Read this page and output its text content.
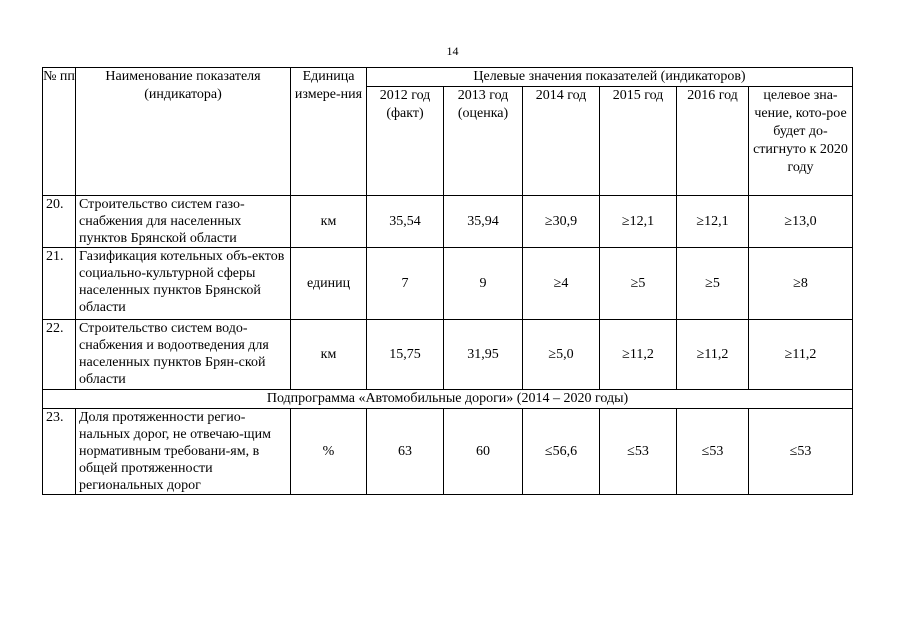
14
№ пп	Наименование показателя (индикатора)	Единица измере-ния	Целевые значения показателей (индикаторов)					
			2012 год (факт)	2013 год (оценка)	2014 год	2015 год	2016 год	целевое зна-чение, кото-рое будет до-стигнуто к 2020 году
20.	Строительство систем газо-снабжения для населенных пунктов Брянской области	км	35,54	35,94	≥30,9	≥12,1	≥12,1	≥13,0
21.	Газификация котельных объ-ектов социально-культурной сферы населенных пунктов Брянской области	единиц	7	9	≥4	≥5	≥5	≥8
22.	Строительство систем водо-снабжения и водоотведения для населенных пунктов Брян-ской области	км	15,75	31,95	≥5,0	≥11,2	≥11,2	≥11,2
Подпрограмма «Автомобильные дороги» (2014 – 2020 годы)								
23.	Доля протяженности регио-нальных дорог, не отвечаю-щим нормативным требовани-ям, в общей протяженности региональных дорог	%	63	60	≤56,6	≤53	≤53	≤53
